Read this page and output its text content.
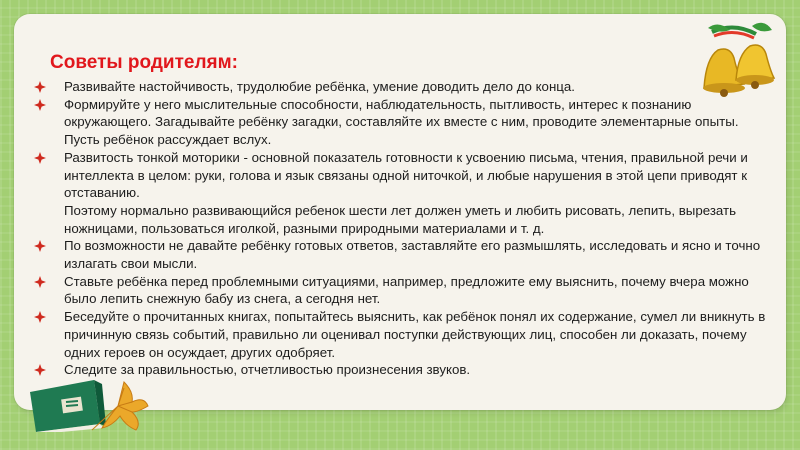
Советы родителям:
Развивайте настойчивость, трудолюбие ребёнка, умение доводить дело до конца.
Формируйте у него мыслительные способности, наблюдательность, пытливость, интерес к познанию окружающего. Загадывайте ребёнку загадки, составляйте их вместе с ним, проводите элементарные опыты. Пусть ребёнок рассуждает вслух.
Развитость тонкой моторики - основной показатель готовности к усвоению письма, чтения, правильной речи и интеллекта в целом: руки, голова и язык связаны одной ниточкой, и любые нарушения в этой цепи приводят к отставанию.
Поэтому нормально развивающийся ребенок шести лет должен уметь и любить рисовать, лепить, вырезать ножницами, пользоваться иголкой, разными природными материалами и т. д.
По возможности не давайте ребёнку готовых ответов, заставляйте его размышлять, исследовать и ясно и точно излагать свои мысли.
Ставьте ребёнка перед проблемными ситуациями, например, предложите ему выяснить, почему вчера можно было лепить снежную бабу из снега, а сегодня нет.
Беседуйте о прочитанных книгах, попытайтесь выяснить, как ребёнок понял их содержание, сумел ли вникнуть в причинную связь событий, правильно ли оценивал поступки действующих лиц, способен ли доказать, почему одних героев он осуждает, других одобряет.
Следите за правильностью, отчетливостью произнесения звуков.
